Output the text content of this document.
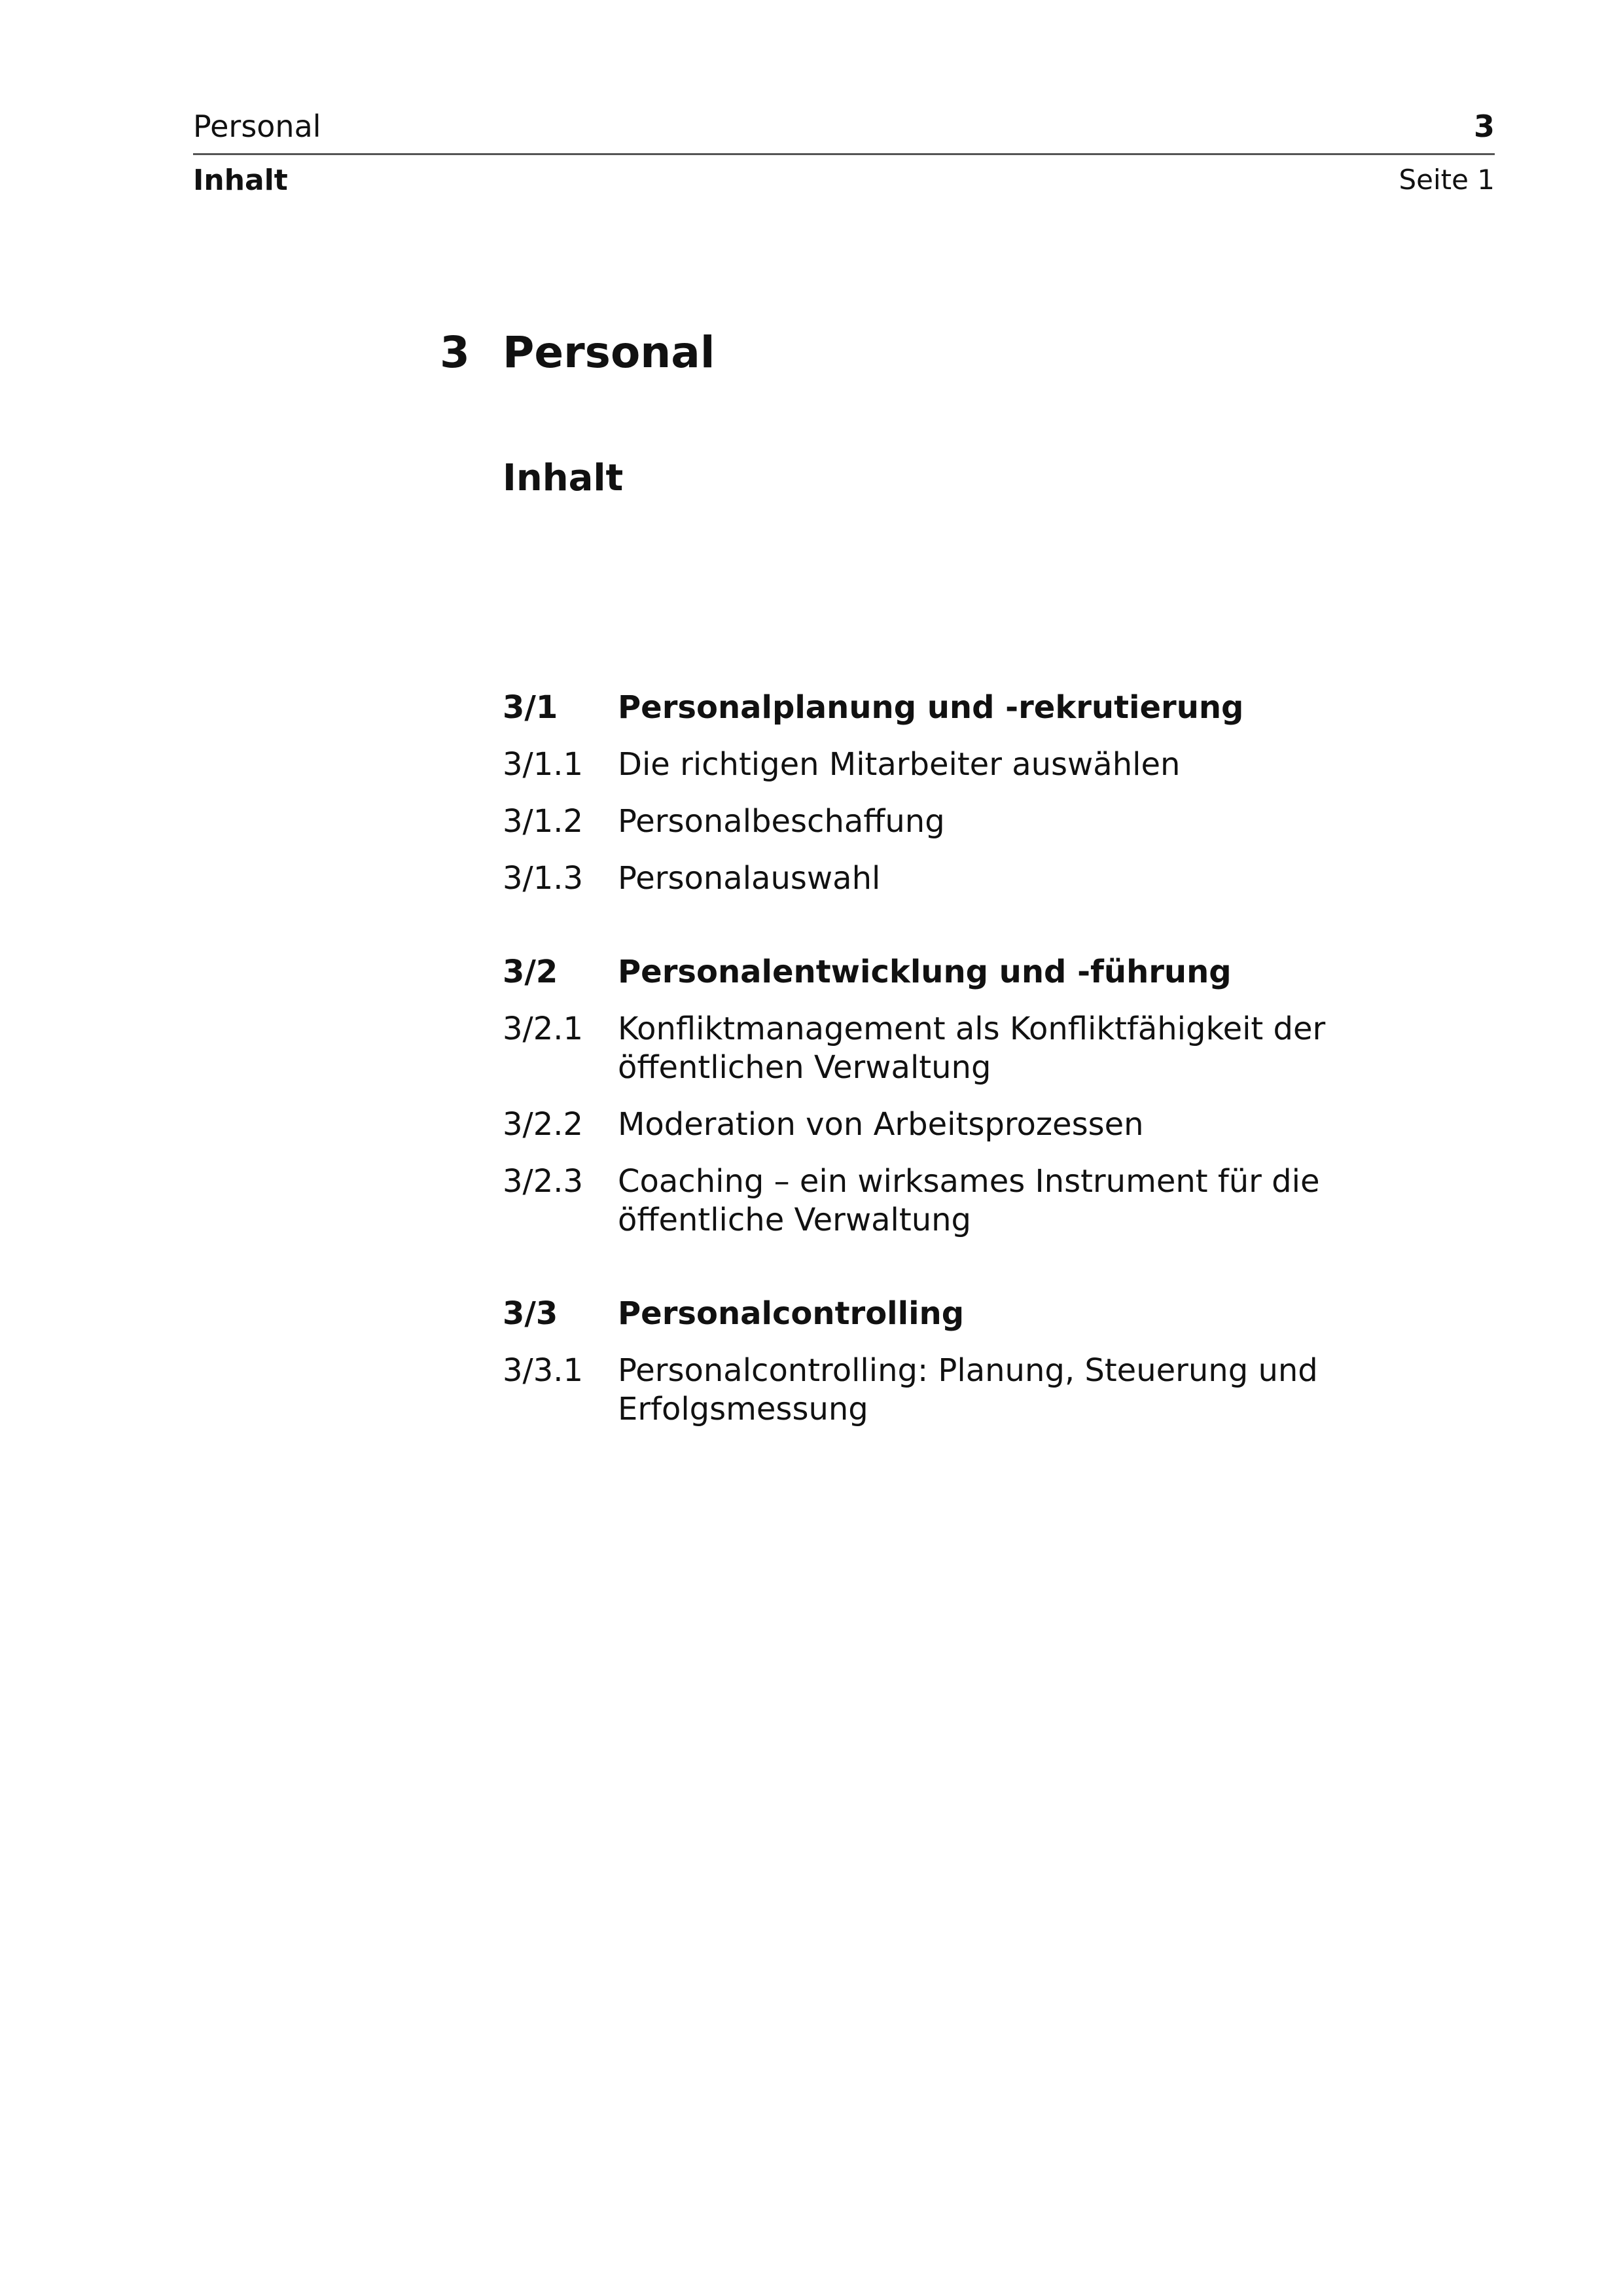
Personal	3
Inhalt	Seite 1
3 Personal
Inhalt
3/1	Personalplanung und -rekrutierung
3/1.1	Die richtigen Mitarbeiter auswählen
3/1.2	Personalbeschaffung
3/1.3	Personalauswahl
3/2	Personalentwicklung und -führung
3/2.1	Konfliktmanagement als Konfliktfähigkeit der öffentlichen Verwaltung
3/2.2	Moderation von Arbeitsprozessen
3/2.3	Coaching – ein wirksames Instrument für die öffentliche Verwaltung
3/3	Personalcontrolling
3/3.1	Personalcontrolling: Planung, Steuerung und Erfolgsmessung
